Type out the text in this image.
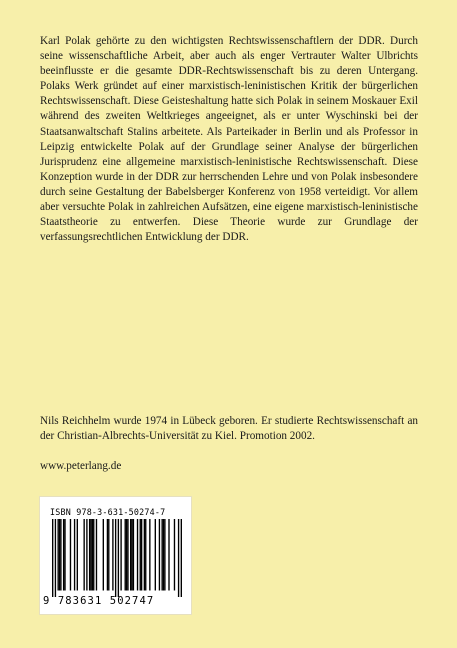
Karl Polak gehörte zu den wichtigsten Rechtswissenschaftlern der DDR. Durch seine wissenschaftliche Arbeit, aber auch als enger Vertrauter Walter Ulbrichts beeinflusste er die gesamte DDR-Rechtswissenschaft bis zu deren Untergang. Polaks Werk gründet auf einer marxistisch-leninistischen Kritik der bürgerlichen Rechtswissenschaft. Diese Geisteshaltung hatte sich Polak in seinem Moskauer Exil während des zweiten Weltkrieges angeeignet, als er unter Wyschinski bei der Staatsanwaltschaft Stalins arbeitete. Als Parteikader in Berlin und als Professor in Leipzig entwickelte Polak auf der Grundlage seiner Analyse der bürgerlichen Jurisprudenz eine allgemeine marxistisch-leninistische Rechtswissenschaft. Diese Konzeption wurde in der DDR zur herrschenden Lehre und von Polak insbesondere durch seine Gestaltung der Babelsberger Konferenz von 1958 verteidigt. Vor allem aber versuchte Polak in zahlreichen Aufsätzen, eine eigene marxistisch-leninistische Staatstheorie zu entwerfen. Diese Theorie wurde zur Grundlage der verfassungsrechtlichen Entwicklung der DDR.

Nils Reichhelm wurde 1974 in Lübeck geboren. Er studierte Rechtswissenschaft an der Christian-Albrechts-Universität zu Kiel. Promotion 2002.

www.peterlang.de

ISBN 978-3-631-50274-7
9 783631 502747
